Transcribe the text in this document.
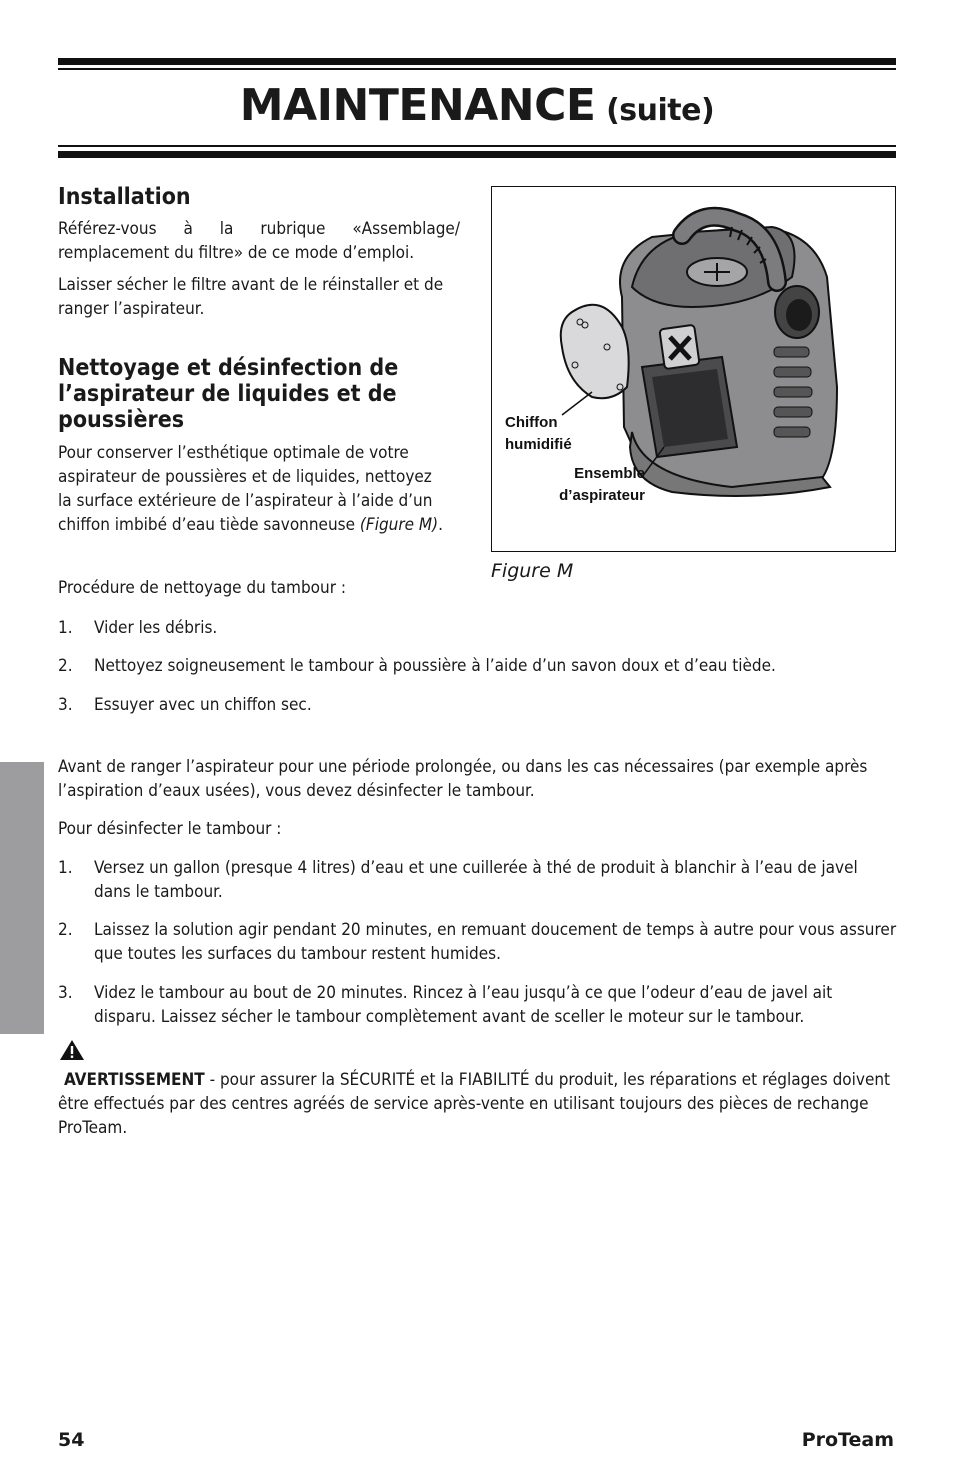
MAINTENANCE (suite)
Installation

Référez-vous à la rubrique «Assemblage/ remplacement du filtre» de ce mode d’emploi.

Laisser sécher le filtre avant de le réinstaller et de ranger l’aspirateur.

Nettoyage et désinfection de l’aspirateur de liquides et de poussières

Pour conserver l’esthétique optimale de votre aspirateur de poussières et de liquides, nettoyez la surface extérieure de l’aspirateur à l’aide d’un chiffon imbibé d’eau tiède savonneuse (Figure M).

Procédure de nettoyage du tambour :

1. Vider les débris.
2. Nettoyez soigneusement le tambour à poussière à l’aide d’un savon doux et d’eau tiède.
3. Essuyer avec un chiffon sec.
Chiffon
humidifié
Ensemble
d’aspirateur

Figure M

Avant de ranger l’aspirateur pour une période prolongée, ou dans les cas nécessaires (par exemple après l’aspiration d’eaux usées), vous devez désinfecter le tambour.

Pour désinfecter le tambour :

1. Versez un gallon (presque 4 litres) d’eau et une cuillerée à thé de produit à blanchir à l’eau de javel dans le tambour.
2. Laissez la solution agir pendant 20 minutes, en remuant doucement de temps à autre pour vous assurer que toutes les surfaces du tambour restent humides.
3. Videz le tambour au bout de 20 minutes. Rincez à l’eau jusqu’à ce que l’odeur d’eau de javel ait disparu. Laissez sécher le tambour complètement avant de sceller le moteur sur le tambour.

AVERTISSEMENT - pour assurer la SÉCURITÉ et la FIABILITÉ du produit, les réparations et réglages doivent être effectués par des centres agréés de service après-vente en utilisant toujours des pièces de rechange ProTeam.

54	ProTeam
